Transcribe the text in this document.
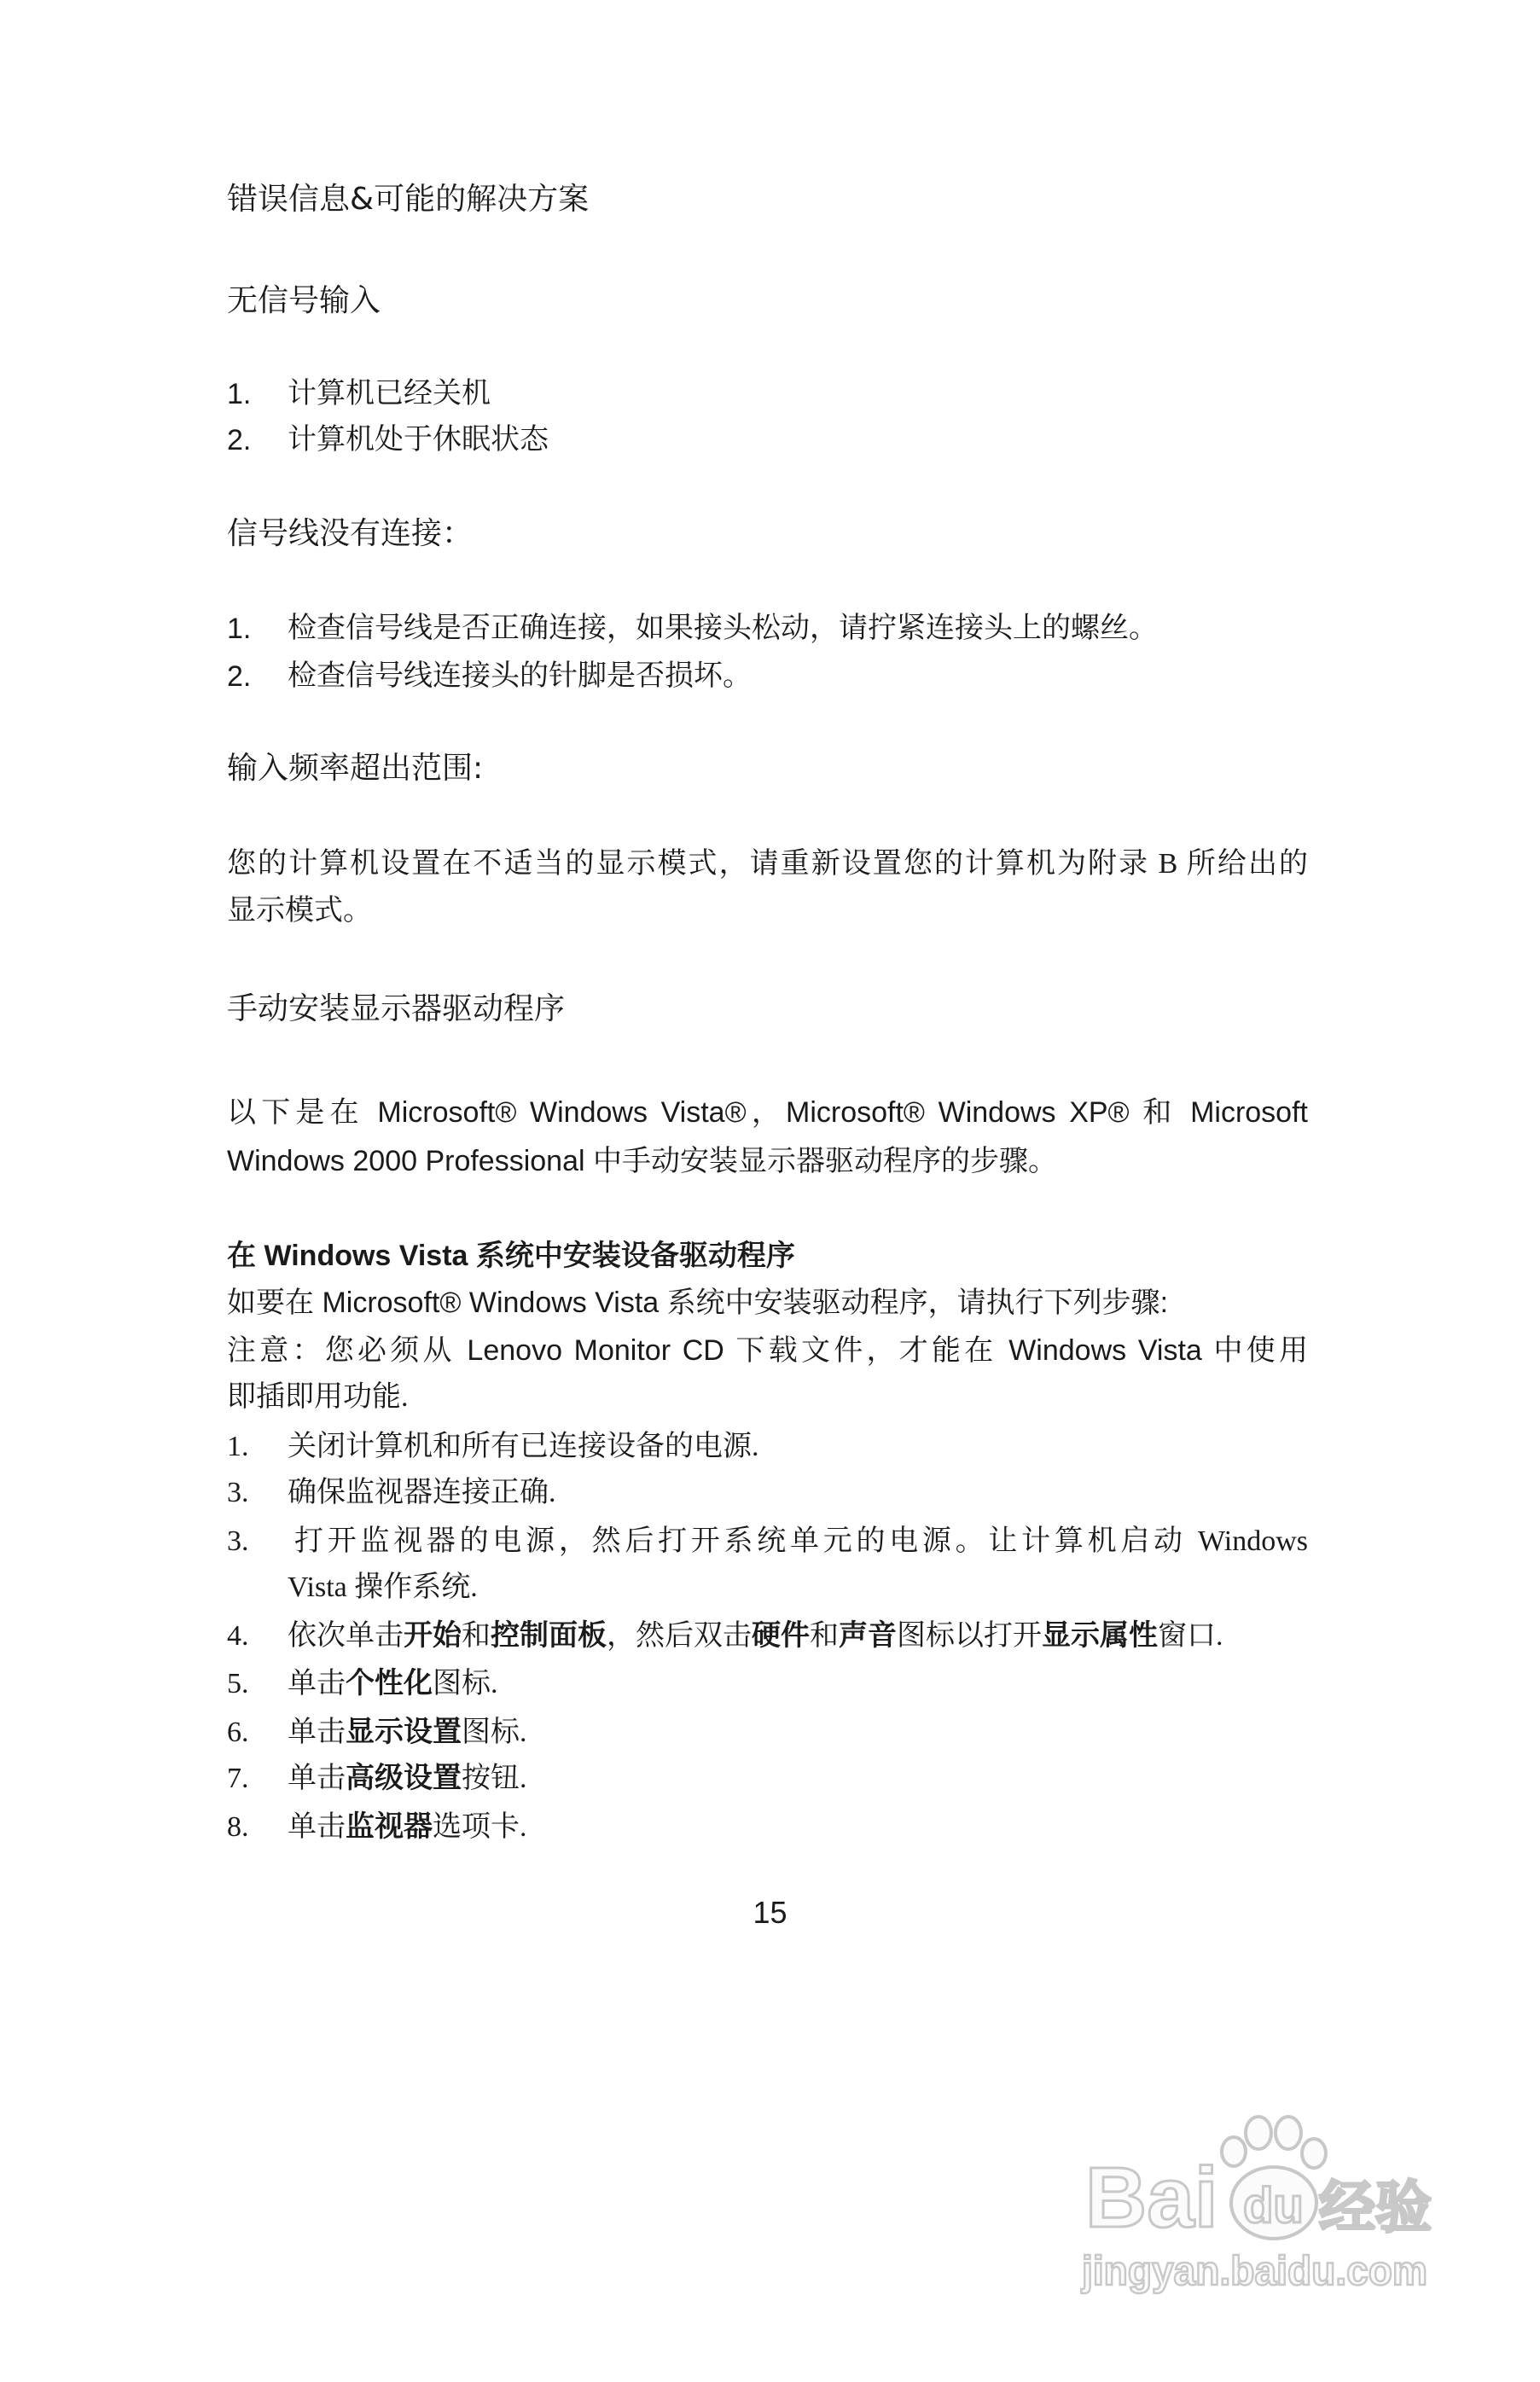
错误信息&可能的解决方案
无信号输入
1. 计算机已经关机
2. 计算机处于休眠状态
信号线没有连接：
1. 检查信号线是否正确连接，如果接头松动，请拧紧连接头上的螺丝。
2. 检查信号线连接头的针脚是否损坏。
输入频率超出范围:
您的计算机设置在不适当的显示模式，请重新设置您的计算机为附录 B 所给出的
显示模式。
手动安装显示器驱动程序
以下是在 Microsoft® Windows Vista®，Microsoft® Windows XP® 和 Microsoft
Windows 2000 Professional 中手动安装显示器驱动程序的步骤。
在 Windows Vista 系统中安装设备驱动程序
如要在 Microsoft® Windows Vista 系统中安装驱动程序，请执行下列步骤:
注意：您必须从 Lenovo Monitor CD 下载文件，才能在 Windows Vista 中使用
即插即用功能.
1. 关闭计算机和所有已连接设备的电源.
3. 确保监视器连接正确.
3. 打开监视器的电源，然后打开系统单元的电源。让计算机启动 Windows
Vista 操作系统.
4. 依次单击开始和控制面板，然后双击硬件和声音图标以打开显示属性窗口.
5. 单击个性化图标.
6. 单击显示设置图标.
7. 单击高级设置按钮.
8. 单击监视器选项卡.
15
Bai du 经验
jingyan.baidu.com
